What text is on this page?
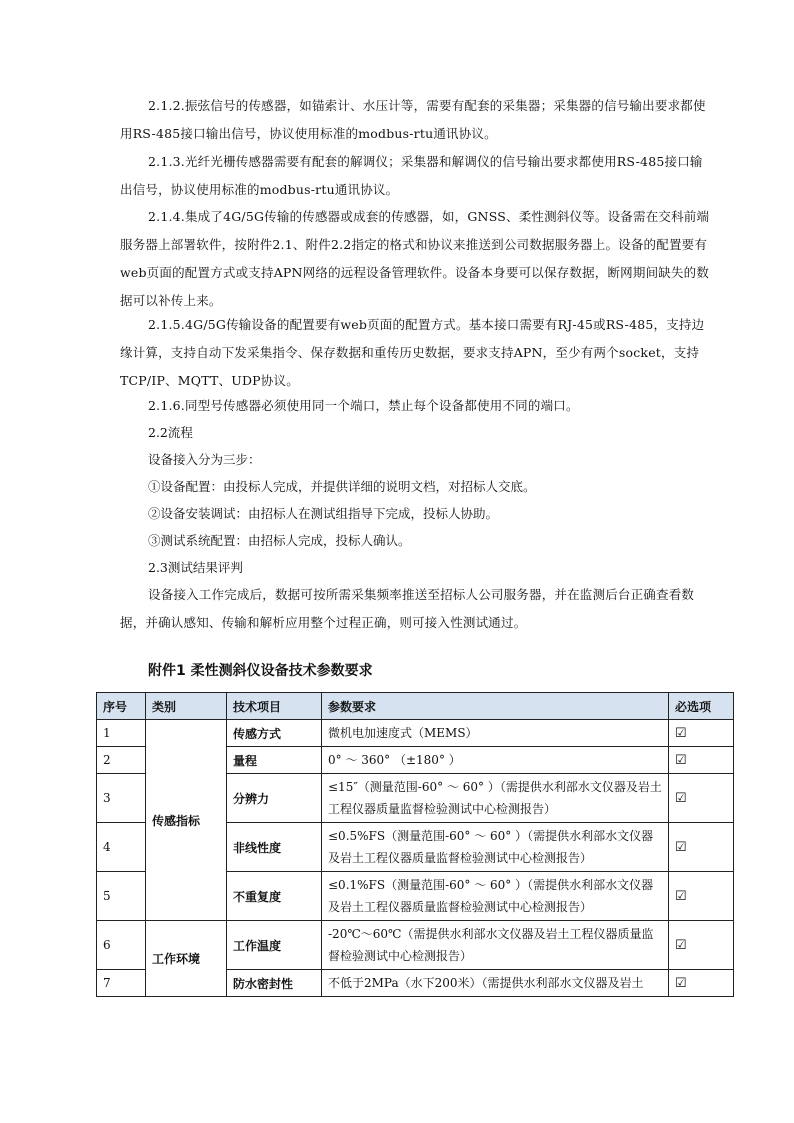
2.1.2.振弦信号的传感器，如锚索计、水压计等，需要有配套的采集器；采集器的信号输出要求都使用RS-485接口输出信号，协议使用标准的modbus-rtu通讯协议。

2.1.3.光纤光栅传感器需要有配套的解调仪；采集器和解调仪的信号输出要求都使用RS-485接口输出信号，协议使用标准的modbus-rtu通讯协议。

2.1.4.集成了4G/5G传输的传感器或成套的传感器，如，GNSS、柔性测斜仪等。设备需在交科前端服务器上部署软件，按附件2.1、附件2.2指定的格式和协议来推送到公司数据服务器上。设备的配置要有web页面的配置方式或支持APN网络的远程设备管理软件。设备本身要可以保存数据，断网期间缺失的数据可以补传上来。

2.1.5.4G/5G传输设备的配置要有web页面的配置方式。基本接口需要有RJ-45或RS-485，支持边缘计算，支持自动下发采集指令、保存数据和重传历史数据，要求支持APN，至少有两个socket，支持TCP/IP、MQTT、UDP协议。

2.1.6.同型号传感器必须使用同一个端口，禁止每个设备都使用不同的端口。

2.2流程

设备接入分为三步：

①设备配置：由投标人完成，并提供详细的说明文档，对招标人交底。

②设备安装调试：由招标人在测试组指导下完成，投标人协助。

③测试系统配置：由招标人完成，投标人确认。

2.3测试结果评判

设备接入工作完成后，数据可按所需采集频率推送至招标人公司服务器，并在监测后台正确查看数据，并确认感知、传输和解析应用整个过程正确，则可接入性测试通过。

附件1 柔性测斜仪设备技术参数要求
序号	类别	技术项目	参数要求	必选项
1	传感指标	传感方式	微机电加速度式（MEMS）	☑
2		量程	0° ～ 360° （±180° ）	☑
3		分辨力	≤15″（测量范围-60° ～ 60° ）（需提供水利部水文仪器及岩土工程仪器质量监督检验测试中心检测报告）	☑
4		非线性度	≤0.5%FS（测量范围-60° ～ 60° ）（需提供水利部水文仪器及岩土工程仪器质量监督检验测试中心检测报告）	☑
5		不重复度	≤0.1%FS（测量范围-60° ～ 60° ）（需提供水利部水文仪器及岩土工程仪器质量监督检验测试中心检测报告）	☑
6	工作环境	工作温度	-20℃～60℃（需提供水利部水文仪器及岩土工程仪器质量监督检验测试中心检测报告）	☑
7		防水密封性	不低于2MPa（水下200米）（需提供水利部水文仪器及岩土	☑
